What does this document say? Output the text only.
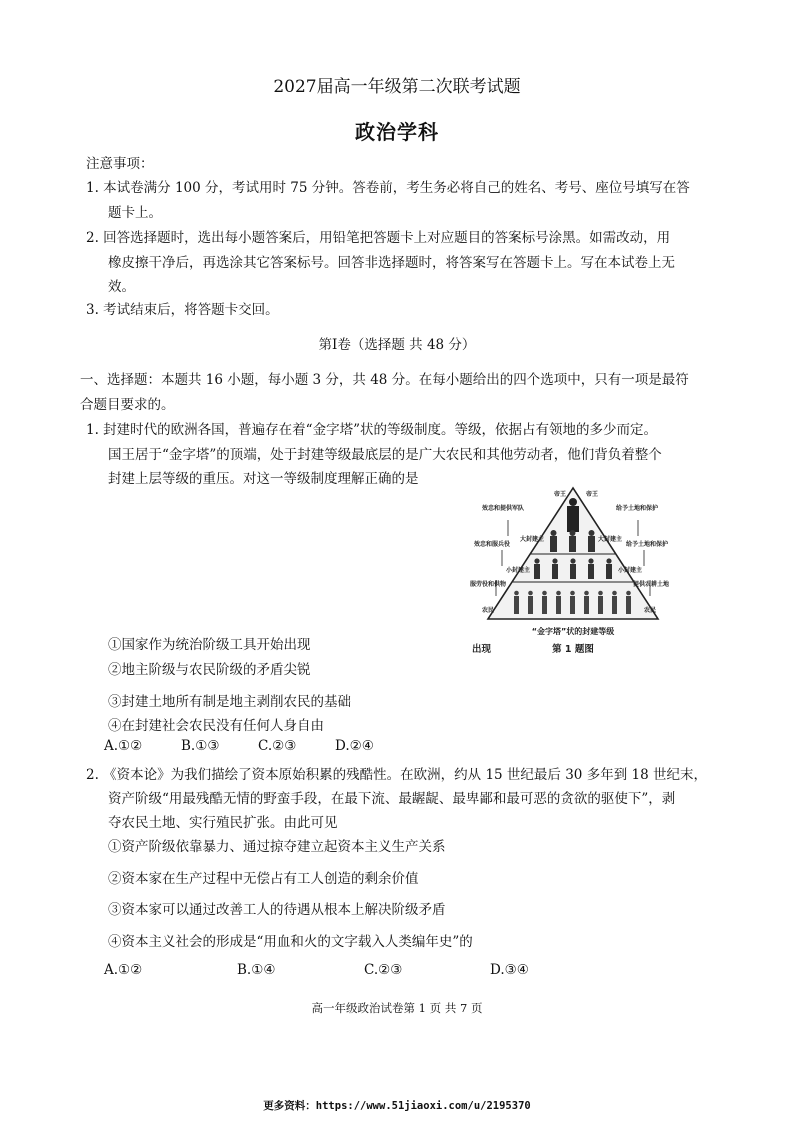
2027届高一年级第二次联考试题
政治学科
注意事项：
1. 本试卷满分 100 分，考试用时 75 分钟。答卷前，考生务必将自己的姓名、考号、座位号填写在答
题卡上。
2. 回答选择题时，选出每小题答案后，用铅笔把答题卡上对应题目的答案标号涂黑。如需改动，用
橡皮擦干净后，再选涂其它答案标号。回答非选择题时，将答案写在答题卡上。写在本试卷上无
效。
3. 考试结束后，将答题卡交回。
第Ⅰ卷（选择题 共 48 分）
一、选择题：本题共 16 小题，每小题 3 分，共 48 分。在每小题给出的四个选项中，只有一项是最符
合题目要求的。
1. 封建时代的欧洲各国，普遍存在着“金字塔”状的等级制度。等级，依据占有领地的多少而定。
国王居于“金字塔”的顶端，处于封建等级最底层的是广大农民和其他劳动者，他们背负着整个
封建上层等级的重压。对这一等级制度理解正确的是
帝王	帝王
效忠和提供军队	给予土地和保护
大封建主	大封建主
效忠和服兵役	给予土地和保护
小封建主	小封建主
服劳役和供物	提供农耕土地
农民	农民
“金字塔”状的封建等级
出现	第 1 题图
①国家作为统治阶级工具开始出现
②地主阶级与农民阶级的矛盾尖锐
③封建土地所有制是地主剥削农民的基础
④在封建社会农民没有任何人身自由
A.①②	B.①③	C.②③	D.②④
2. 《资本论》为我们描绘了资本原始积累的残酷性。在欧洲，约从 15 世纪最后 30 多年到 18 世纪末，
资产阶级“用最残酷无情的野蛮手段，在最下流、最龌龊、最卑鄙和最可恶的贪欲的驱使下”，剥
夺农民土地、实行殖民扩张。由此可见
①资产阶级依靠暴力、通过掠夺建立起资本主义生产关系
②资本家在生产过程中无偿占有工人创造的剩余价值
③资本家可以通过改善工人的待遇从根本上解决阶级矛盾
④资本主义社会的形成是“用血和火的文字载入人类编年史”的
A.①②	B.①④	C.②③	D.③④
高一年级政治试卷第 1 页 共 7 页
更多资料：https://www.51jiaoxi.com/u/2195370
